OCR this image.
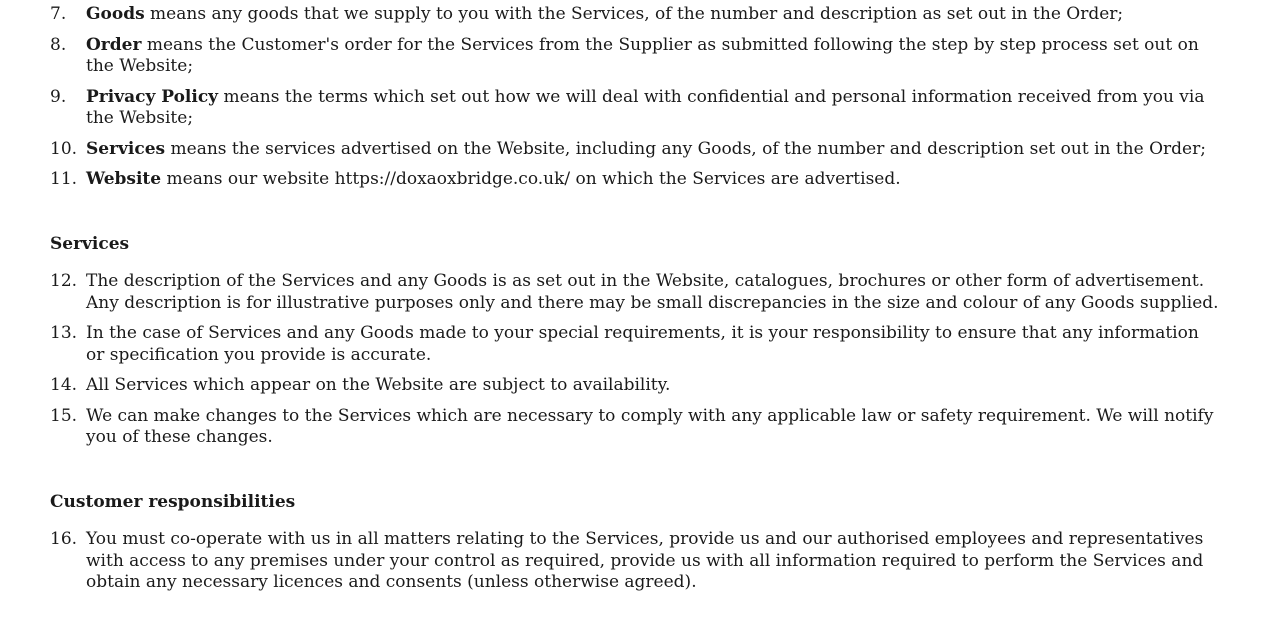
7.	Goods means any goods that we supply to you with the Services, of the number and description as set out in the Order;
8.	Order means the Customer's order for the Services from the Supplier as submitted following the step by step process set out on the Website;
9.	Privacy Policy means the terms which set out how we will deal with confidential and personal information received from you via the Website;
10. Services means the services advertised on the Website, including any Goods, of the number and description set out in the Order;
11. Website means our website https://doxaoxbridge.co.uk/ on which the Services are advertised.
Services
12. The description of the Services and any Goods is as set out in the Website, catalogues, brochures or other form of advertisement. Any description is for illustrative purposes only and there may be small discrepancies in the size and colour of any Goods supplied.
13. In the case of Services and any Goods made to your special requirements, it is your responsibility to ensure that any information or specification you provide is accurate.
14. All Services which appear on the Website are subject to availability.
15. We can make changes to the Services which are necessary to comply with any applicable law or safety requirement. We will notify you of these changes.
Customer responsibilities
16. You must co-operate with us in all matters relating to the Services, provide us and our authorised employees and representatives with access to any premises under your control as required, provide us with all information required to perform the Services and obtain any necessary licences and consents (unless otherwise agreed).
